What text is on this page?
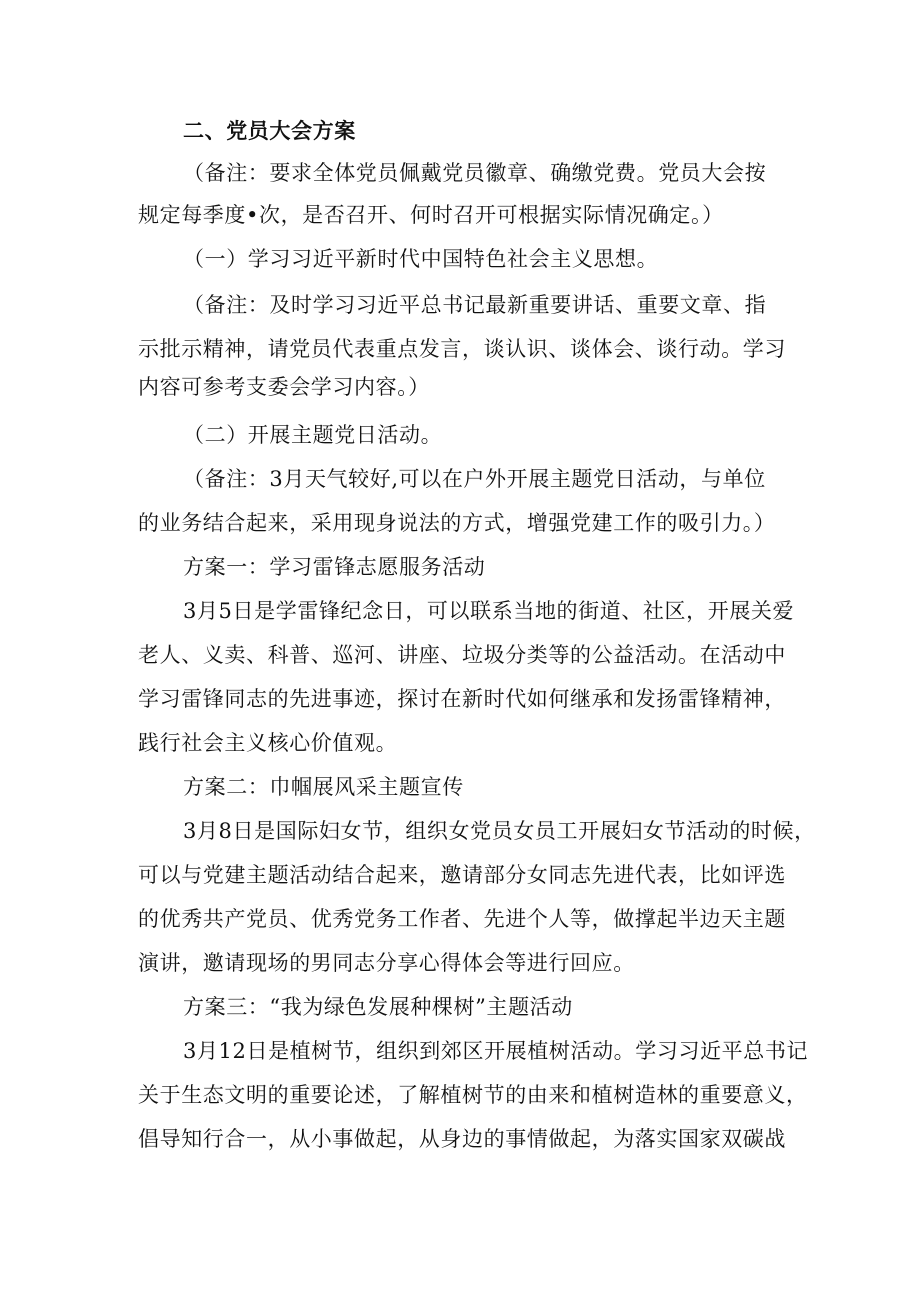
二、党员大会方案
（备注：要求全体党员佩戴党员徽章、确缴党费。党员大会按
规定每季度•次，是否召开、何时召开可根据实际情况确定。）
（一）学习习近平新时代中国特色社会主义思想。
（备注：及时学习习近平总书记最新重要讲话、重要文章、指
示批示精神，请党员代表重点发言，谈认识、谈体会、谈行动。学习
内容可参考支委会学习内容。）
（二）开展主题党日活动。
（备注：3月天气较好,可以在户外开展主题党日活动，与单位
的业务结合起来，采用现身说法的方式，增强党建工作的吸引力。）
方案一：学习雷锋志愿服务活动
3月5日是学雷锋纪念日，可以联系当地的街道、社区，开展关爱
老人、义卖、科普、巡河、讲座、垃圾分类等的公益活动。在活动中
学习雷锋同志的先进事迹，探讨在新时代如何继承和发扬雷锋精神，
践行社会主义核心价值观。
方案二：巾帼展风采主题宣传
3月8日是国际妇女节，组织女党员女员工开展妇女节活动的时候，
可以与党建主题活动结合起来，邀请部分女同志先进代表，比如评选
的优秀共产党员、优秀党务工作者、先进个人等，做撑起半边天主题
演讲，邀请现场的男同志分享心得体会等进行回应。
方案三：“我为绿色发展种棵树”主题活动
3月12日是植树节，组织到郊区开展植树活动。学习习近平总书记
关于生态文明的重要论述，了解植树节的由来和植树造林的重要意义，
倡导知行合一，从小事做起，从身边的事情做起，为落实国家双碳战
